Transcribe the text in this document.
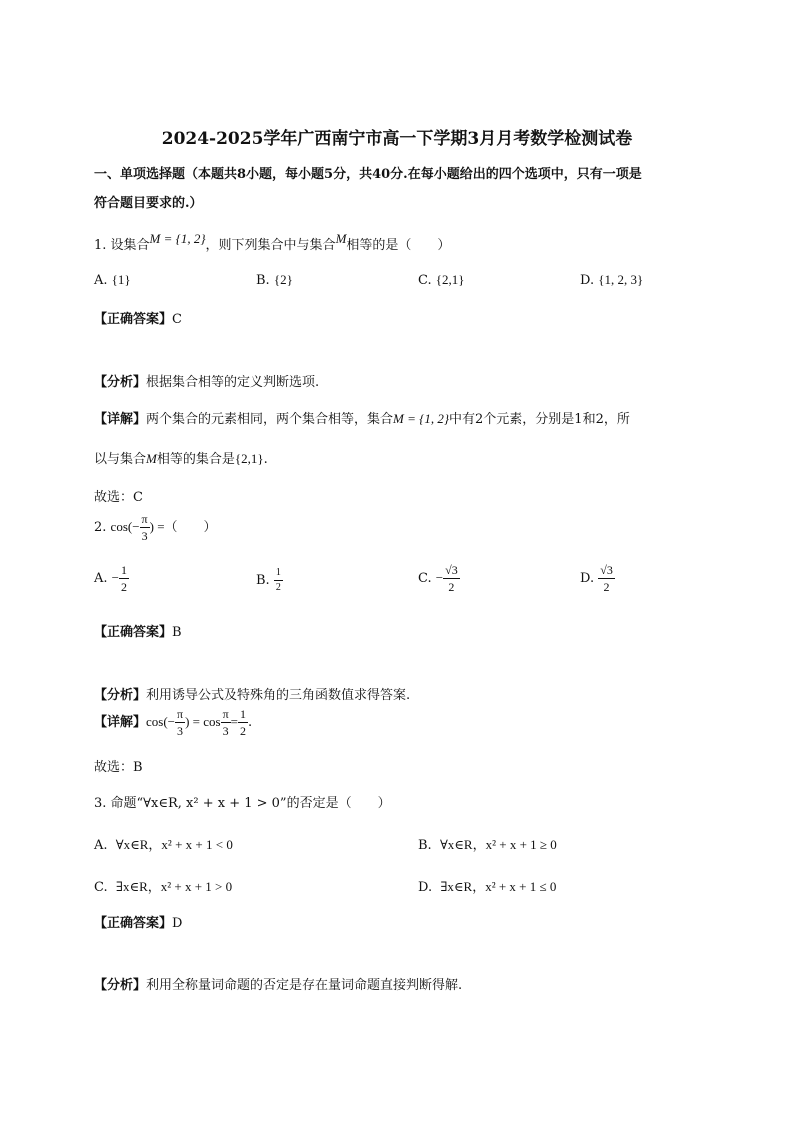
2024-2025学年广西南宁市高一下学期3月月考数学检测试卷
一、单项选择题（本题共8小题，每小题5分，共40分.在每小题给出的四个选项中，只有一项是
符合题目要求的.）
1. 设集合M = {1, 2}，则下列集合中与集合M相等的是（　　）
A. {1}	B. {2}	C. {2,1}	D. {1, 2, 3}
【正确答案】C
【分析】根据集合相等的定义判断选项.
【详解】两个集合的元素相同，两个集合相等，集合M = {1, 2}中有2个元素，分别是1和2，所
以与集合M相等的集合是{2,1}.
故选：C
2. $\cos(- \frac{\pi}{3}$ ) =（　　）
A. − $\frac{1}{2}$	B. $\frac{1}{2}$	C. − $\frac{√3}{2}$	D. $\frac{√3}{2}$
【正确答案】B
【分析】利用诱导公式及特殊角的三角函数值求得答案.
【详解】$\cos(- \frac{\pi}{3}$ ) = $\cos \frac{\pi}{3} = \frac{1}{2}$ .
故选：B
3. 命题“∀x∈R, x² + x + 1 > 0”的否定是（　　）
A. ∀x∈R，x² + x + 1 < 0	B. ∀x∈R，x² + x + 1 ≥ 0
C. ∃x∈R，x² + x + 1 > 0	D. ∃x∈R，x² + x + 1 ≤ 0
【正确答案】D
【分析】利用全称量词命题的否定是存在量词命题直接判断得解.
